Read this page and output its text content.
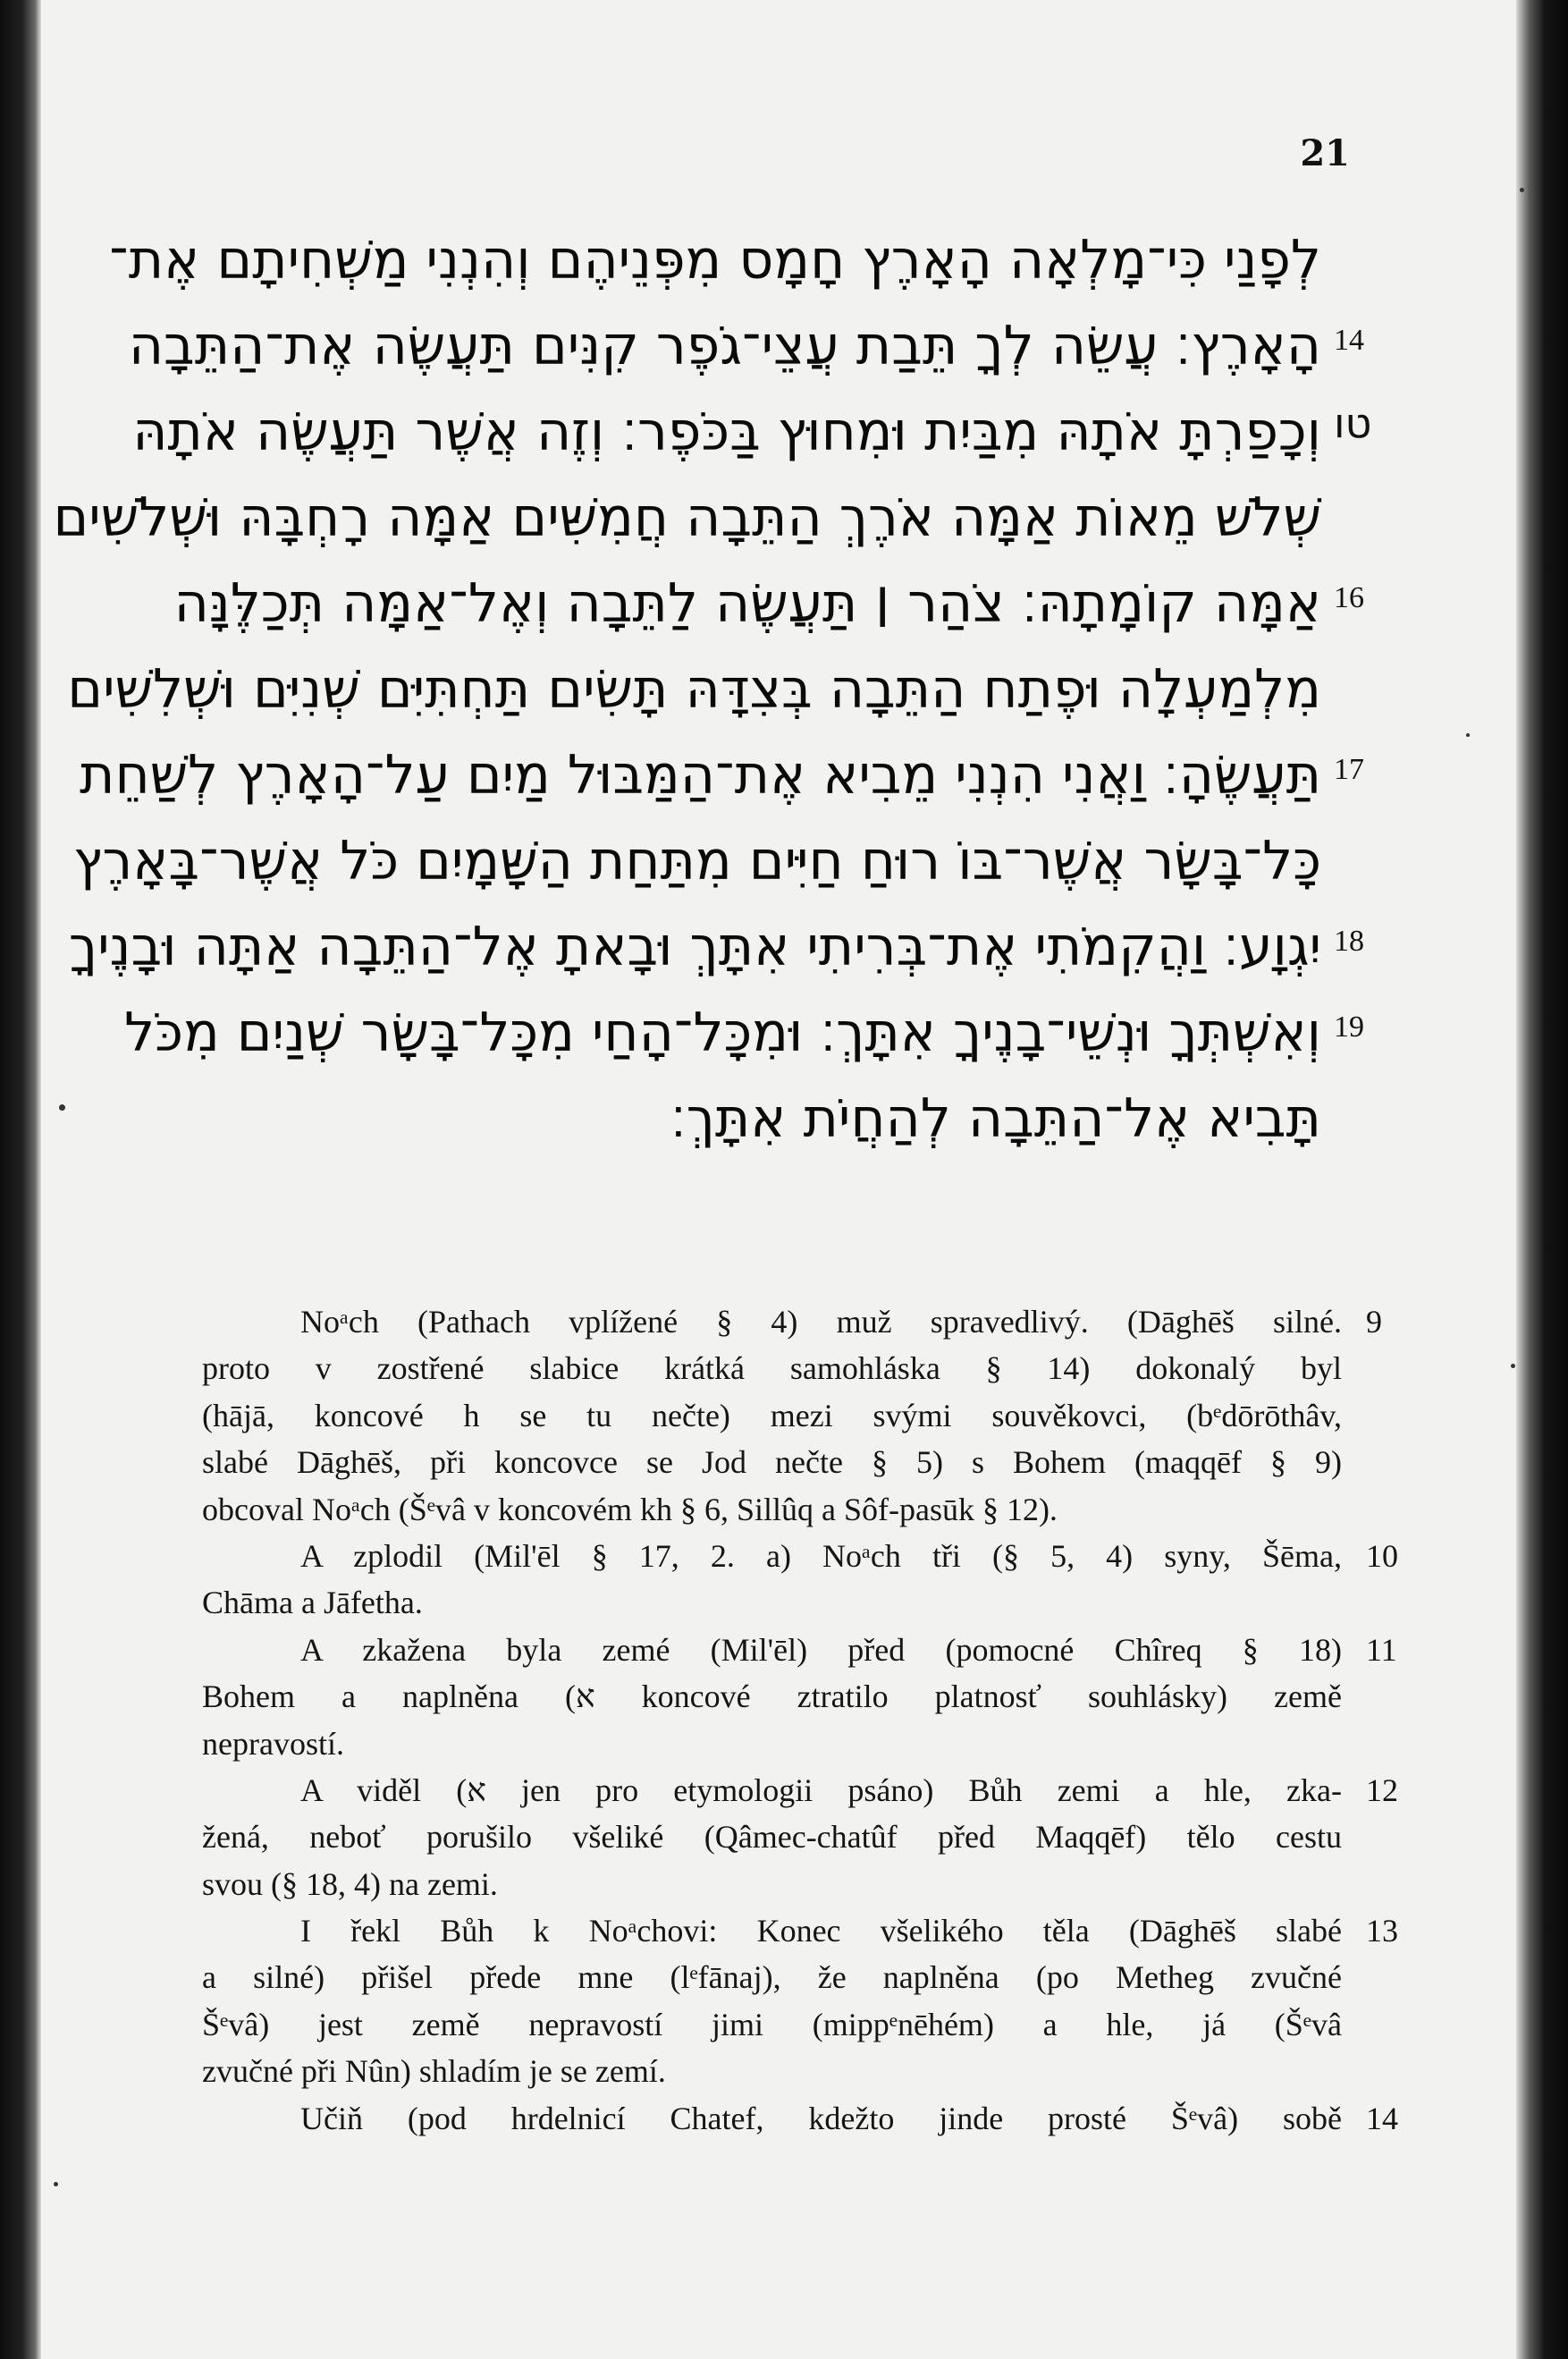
21
לְפָנַי כִּי־מָלְאָה הָאָרֶץ חָמָס מִפְּנֵיהֶם וְהִנְנִי מַשְׁחִיתָם אֶת־
הָאָרֶץ׃ עֲשֵׂה לְךָ תֵּבַת עֲצֵי־גֹפֶר קִנִּים תַּעֲשֶׂה אֶת־הַתֵּבָה 14
וְכָפַרְתָּ אֹתָהּ מִבַּיִת וּמִחוּץ בַּכֹּפֶר׃ וְזֶה אֲשֶׁר תַּעֲשֶׂה אֹתָהּ טו
שְׁלֹשׁ מֵאוֹת אַמָּה אֹרֶךְ הַתֵּבָה חֲמִשִּׁים אַמָּה רָחְבָּהּ וּשְׁלֹשִׁים
אַמָּה קוֹמָתָהּ׃ צֹהַר ׀ תַּעֲשֶׂה לַתֵּבָה וְאֶל־אַמָּה תְּכַלֶּנָּה 16
מִלְמַעְלָה וּפֶתַח הַתֵּבָה בְּצִדָּהּ תָּשִׂים תַּחְתִּיִּם שְׁנִיִּם וּשְׁלִשִׁים
תַּעֲשֶׂהָ׃ וַאֲנִי הִנְנִי מֵבִיא אֶת־הַמַּבּוּל מַיִם עַל־הָאָרֶץ לְשַׁחֵת 17
כָּל־בָּשָׂר אֲשֶׁר־בּוֹ רוּחַ חַיִּים מִתַּחַת הַשָּׁמָיִם כֹּל אֲשֶׁר־בָּאָרֶץ
יִגְוָע׃ וַהֲקִמֹתִי אֶת־בְּרִיתִי אִתָּךְ וּבָאתָ אֶל־הַתֵּבָה אַתָּה וּבָנֶיךָ 18
וְאִשְׁתְּךָ וּנְשֵׁי־בָנֶיךָ אִתָּךְ׃ וּמִכָּל־הָחַי מִכָּל־בָּשָׂר שְׁנַיִם מִכֹּל 19
תָּבִיא אֶל־הַתֵּבָה לְהַחֲיֹת אִתָּךְ׃
Noᵃch (Pathach vplížené § 4) muž spravedlivý. (Dāghēš silné. 9
proto v zostřené slabice krátká samohláska § 14) dokonalý byl
(hājā, koncové h se tu nečte) mezi svými souvěkovci, (bᵉdōrōthâv,
slabé Dāghēš, při koncovce se Jod nečte § 5) s Bohem (maqqēf § 9)
obcoval Noᵃch (Šᵉvâ v koncovém kh § 6, Sillûq a Sôf-pasūk § 12).
A zplodil (Mil'ēl § 17, 2. a) Noᵃch tři (§ 5, 4) syny, Šēma, 10
Chāma a Jāfetha.
A zkažena byla zemé (Mil'ēl) před (pomocné Chîreq § 18) 11
Bohem a naplněna (א koncové ztratilo platnosť souhlásky) země
nepravostí.
A viděl (א jen pro etymologii psáno) Bůh zemi a hle, zka- 12
žená, neboť porušilo všeliké (Qâmec-chatûf před Maqqēf) tělo cestu
svou (§ 18, 4) na zemi.
I řekl Bůh k Noᵃchovi: Konec všelikého těla (Dāghēš slabé 13
a silné) přišel přede mne (lᵉfānaj), že naplněna (po Metheg zvučné
Šᵉvâ) jest země nepravostí jimi (mippᵉnēhém) a hle, já (Šᵉvâ
zvučné při Nûn) shladím je se zemí.
Učiň (pod hrdelnicí Chatef, kdežto jinde prosté Šᵉvâ) sobě 14
